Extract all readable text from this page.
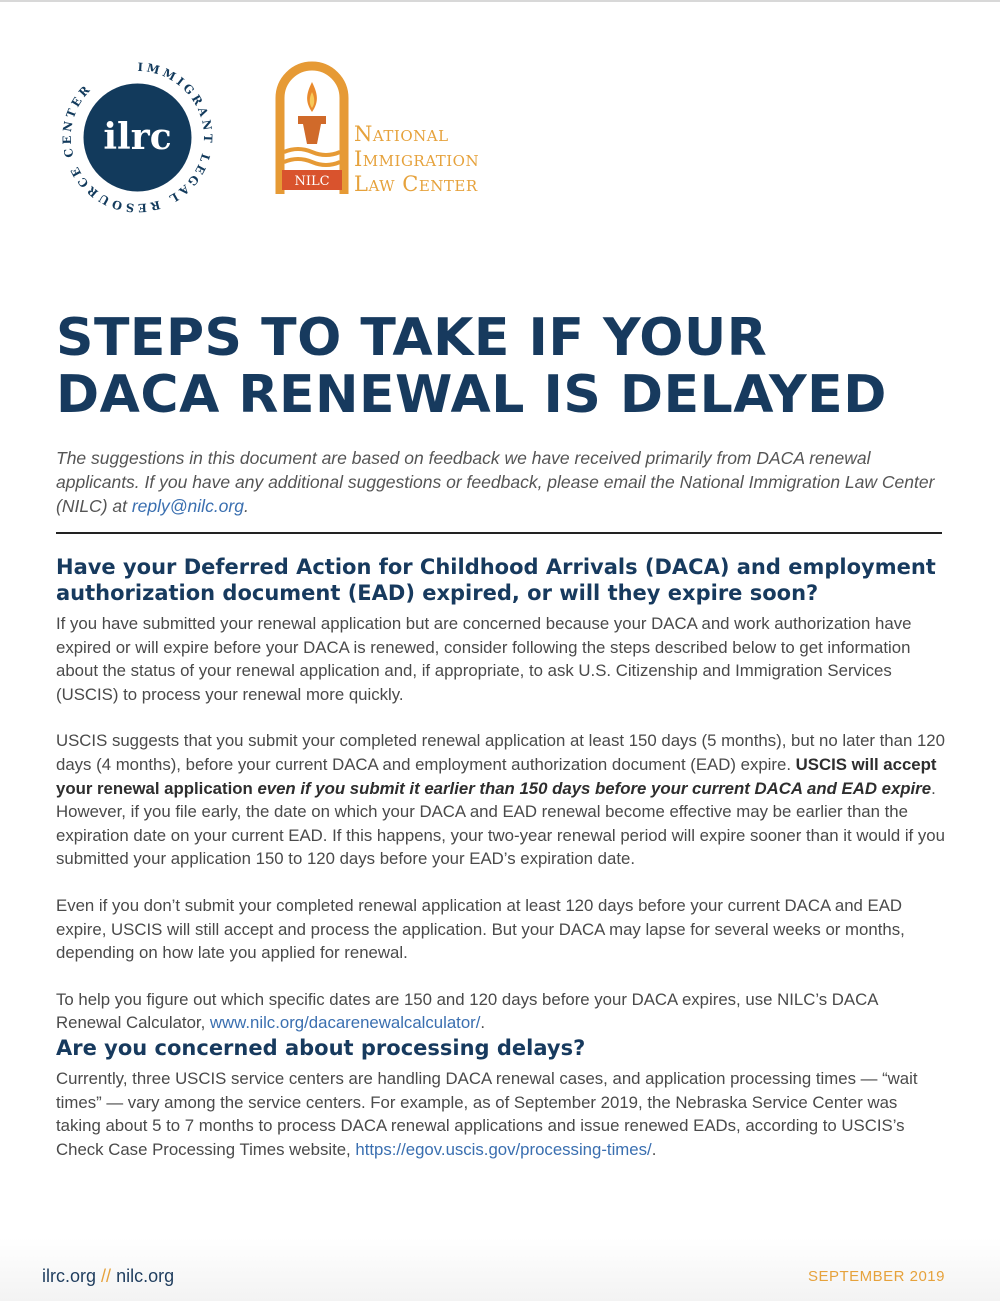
IMMIGRANT LEGAL RESOURCE CENTER
ilrc
NILC
National
Immigration
Law Center
STEPS TO TAKE IF YOUR
DACA RENEWAL IS DELAYED
The suggestions in this document are based on feedback we have received primarily from DACA renewal applicants. If you have any additional suggestions or feedback, please email the National Immigration Law Center (NILC) at reply@nilc.org.
Have your Deferred Action for Childhood Arrivals (DACA) and employment
authorization document (EAD) expired, or will they expire soon?

If you have submitted your renewal application but are concerned because your DACA and work authorization have expired or will expire before your DACA is renewed, consider following the steps described below to get information about the status of your renewal application and, if appropriate, to ask U.S. Citizenship and Immigration Services (USCIS) to process your renewal more quickly.

USCIS suggests that you submit your completed renewal application at least 150 days (5 months), but no later than 120 days (4 months), before your current DACA and employment authorization document (EAD) expire. USCIS will accept your renewal application even if you submit it earlier than 150 days before your current DACA and EAD expire. However, if you file early, the date on which your DACA and EAD renewal become effective may be earlier than the expiration date on your current EAD. If this happens, your two-year renewal period will expire sooner than it would if you submitted your application 150 to 120 days before your EAD’s expiration date.

Even if you don’t submit your completed renewal application at least 120 days before your current DACA and EAD expire, USCIS will still accept and process the application. But your DACA may lapse for several weeks or months, depending on how late you applied for renewal.

To help you figure out which specific dates are 150 and 120 days before your DACA expires, use NILC’s DACA Renewal Calculator, www.nilc.org/dacarenewalcalculator/.

Are you concerned about processing delays?

Currently, three USCIS service centers are handling DACA renewal cases, and application processing times — “wait times” — vary among the service centers. For example, as of September 2019, the Nebraska Service Center was taking about 5 to 7 months to process DACA renewal applications and issue renewed EADs, according to USCIS’s Check Case Processing Times website, https://egov.uscis.gov/processing-times/.

ilrc.org // nilc.org	SEPTEMBER 2019
